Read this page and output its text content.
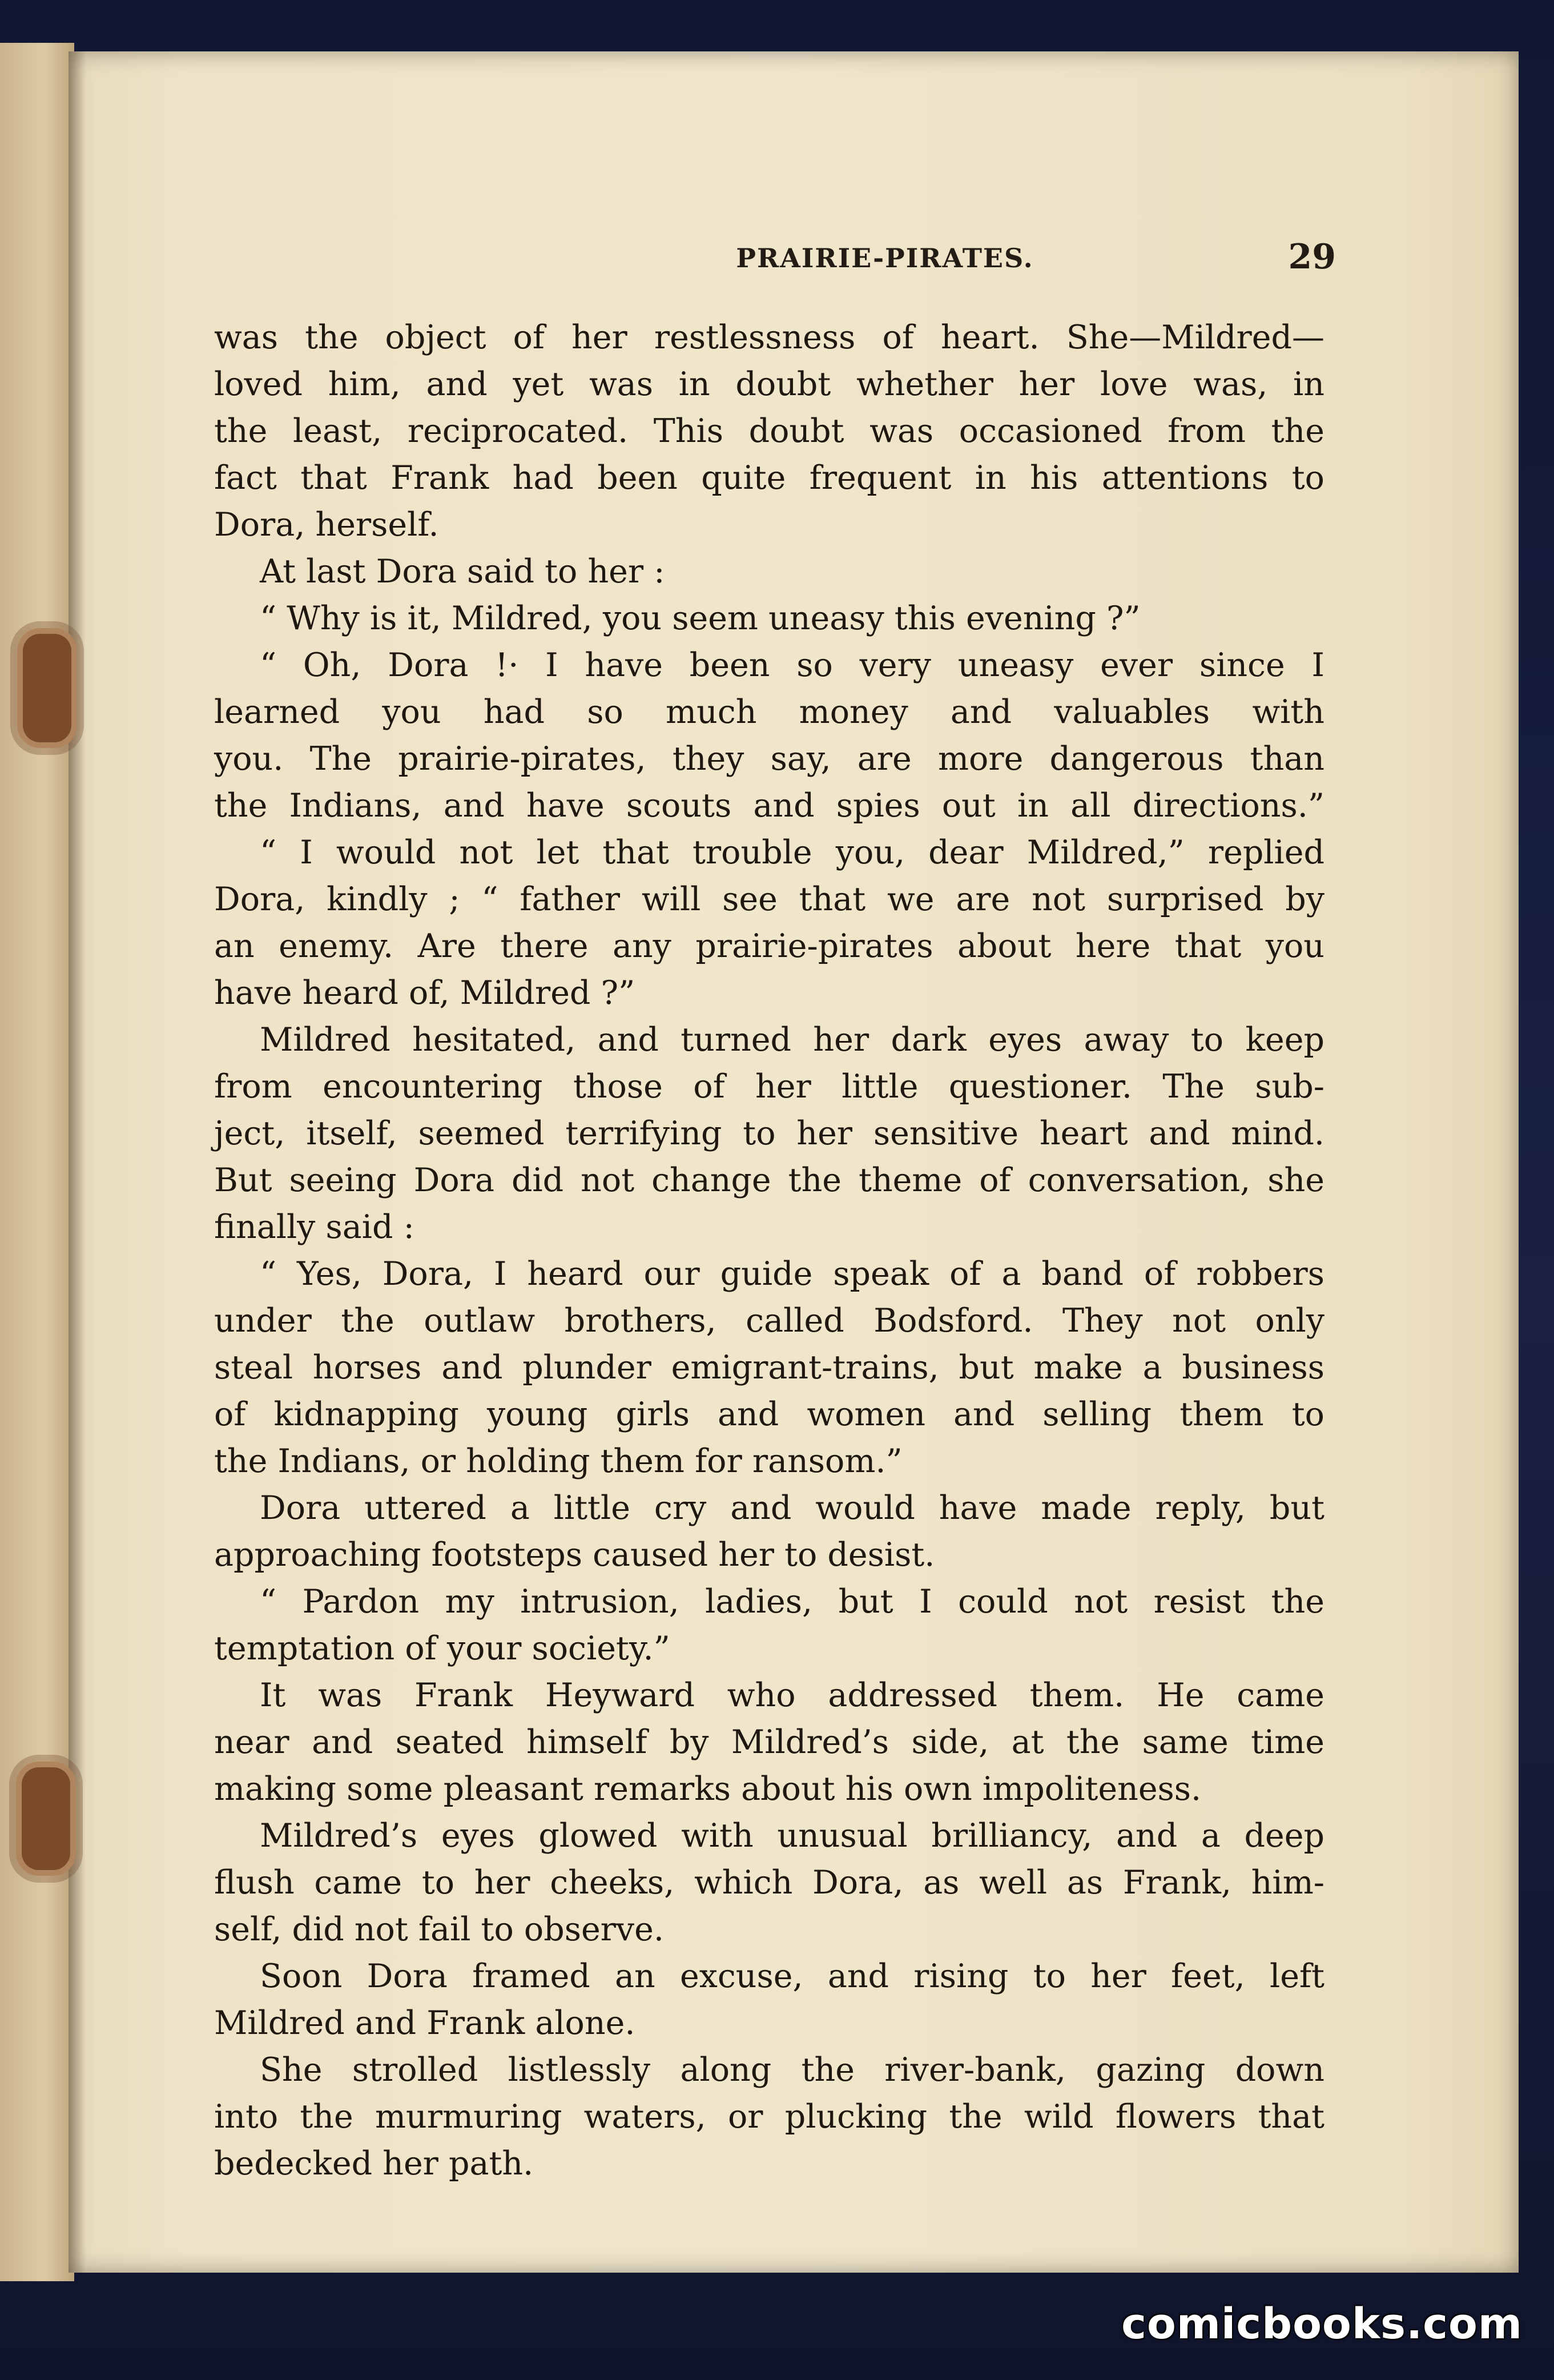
PRAIRIE-PIRATES.	29
was the object of her restlessness of heart. She—Mildred—
loved him, and yet was in doubt whether her love was, in
the least, reciprocated. This doubt was occasioned from the
fact that Frank had been quite frequent in his attentions to
Dora, herself.
At last Dora said to her :
“ Why is it, Mildred, you seem uneasy this evening ?”
“ Oh, Dora !· I have been so very uneasy ever since I
learned you had so much money and valuables with
you. The prairie-pirates, they say, are more dangerous than
the Indians, and have scouts and spies out in all directions.”
“ I would not let that trouble you, dear Mildred,” replied
Dora, kindly ; “ father will see that we are not surprised by
an enemy. Are there any prairie-pirates about here that you
have heard of, Mildred ?”
Mildred hesitated, and turned her dark eyes away to keep
from encountering those of her little questioner. The sub-
ject, itself, seemed terrifying to her sensitive heart and mind.
But seeing Dora did not change the theme of conversation, she
finally said :
“ Yes, Dora, I heard our guide speak of a band of robbers
under the outlaw brothers, called Bodsford. They not only
steal horses and plunder emigrant-trains, but make a business
of kidnapping young girls and women and selling them to
the Indians, or holding them for ransom.”
Dora uttered a little cry and would have made reply, but
approaching footsteps caused her to desist.
“ Pardon my intrusion, ladies, but I could not resist the
temptation of your society.”
It was Frank Heyward who addressed them. He came
near and seated himself by Mildred’s side, at the same time
making some pleasant remarks about his own impoliteness.
Mildred’s eyes glowed with unusual brilliancy, and a deep
flush came to her cheeks, which Dora, as well as Frank, him-
self, did not fail to observe.
Soon Dora framed an excuse, and rising to her feet, left
Mildred and Frank alone.
She strolled listlessly along the river-bank, gazing down
into the murmuring waters, or plucking the wild flowers that
bedecked her path.
comicbooks.com
